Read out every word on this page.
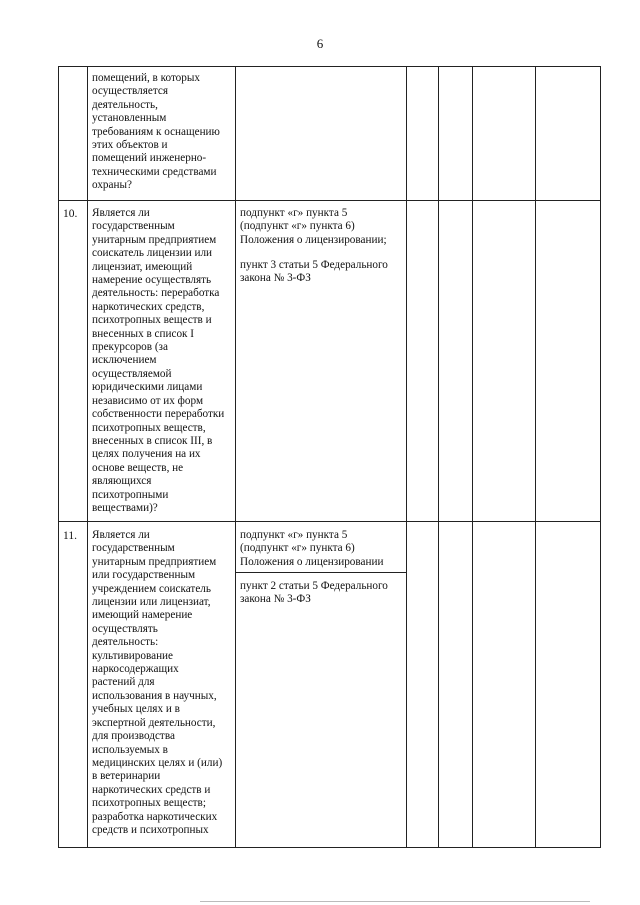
6
помещений, в которых
осуществляется
деятельность,
установленным
требованиям к оснащению
этих объектов и
помещений инженерно-
техническими средствами
охраны?
10. Является ли
государственным
унитарным предприятием
соискатель лицензии или
лицензиат, имеющий
намерение осуществлять
деятельность: переработка
наркотических средств,
психотропных веществ и
внесенных в список I
прекурсоров (за
исключением
осуществляемой
юридическими лицами
независимо от их форм
собственности переработки
психотропных веществ,
внесенных в список III, в
целях получения на их
основе веществ, не
являющихся
психотропными
веществами)?
подпункт «г» пункта 5
(подпункт «г» пункта 6)
Положения о лицензировании;
пункт 3 статьи 5 Федерального
закона № 3-ФЗ
11. Является ли
государственным
унитарным предприятием
или государственным
учреждением соискатель
лицензии или лицензиат,
имеющий намерение
осуществлять
деятельность:
культивирование
наркосодержащих
растений для
использования в научных,
учебных целях и в
экспертной деятельности,
для производства
используемых в
медицинских целях и (или)
в ветеринарии
наркотических средств и
психотропных веществ;
разработка наркотических
средств и психотропных
подпункт «г» пункта 5
(подпункт «г» пункта 6)
Положения о лицензировании
пункт 2 статьи 5 Федерального
закона № 3-ФЗ
